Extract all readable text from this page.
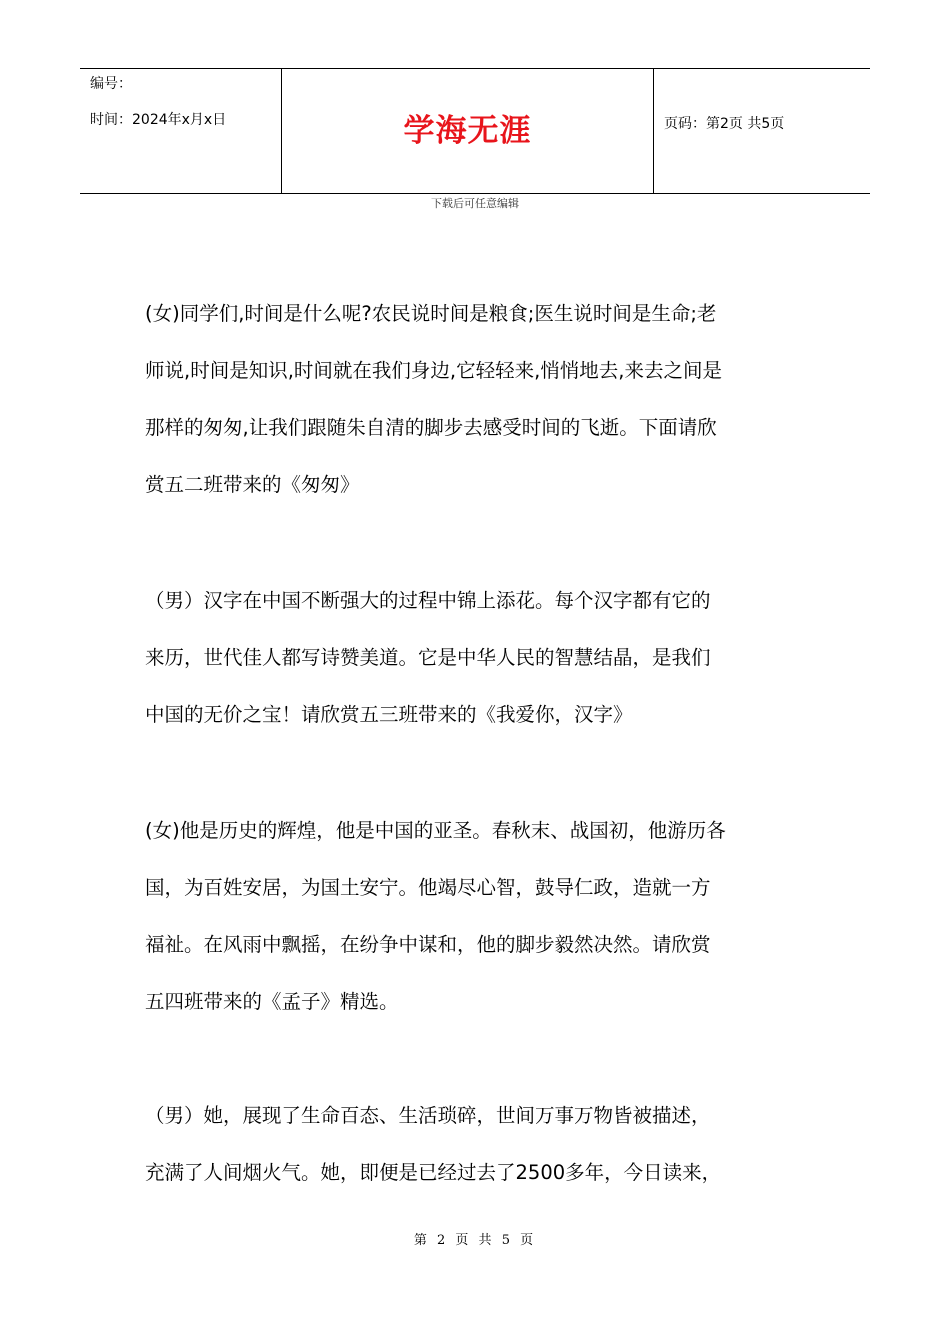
编号：
时间：2024年x月x日	学海无涯	页码：第2页 共5页
下载后可任意编辑
(女)同学们,时间是什么呢?农民说时间是粮食;医生说时间是生命;老
师说,时间是知识,时间就在我们身边,它轻轻来,悄悄地去,来去之间是
那样的匆匆,让我们跟随朱自清的脚步去感受时间的飞逝。下面请欣
赏五二班带来的《匆匆》
（男）汉字在中国不断强大的过程中锦上添花。每个汉字都有它的
来历，世代佳人都写诗赞美道。它是中华人民的智慧结晶，是我们
中国的无价之宝！请欣赏五三班带来的《我爱你，汉字》
(女)他是历史的辉煌，他是中国的亚圣。春秋末、战国初，他游历各
国，为百姓安居，为国土安宁。他竭尽心智，鼓导仁政，造就一方
福祉。在风雨中飘摇，在纷争中谋和，他的脚步毅然决然。请欣赏
五四班带来的《孟子》精选。
（男）她，展现了生命百态、生活琐碎，世间万事万物皆被描述，
充满了人间烟火气。她，即便是已经过去了2500多年，今日读来，
第 2 页 共 5 页
